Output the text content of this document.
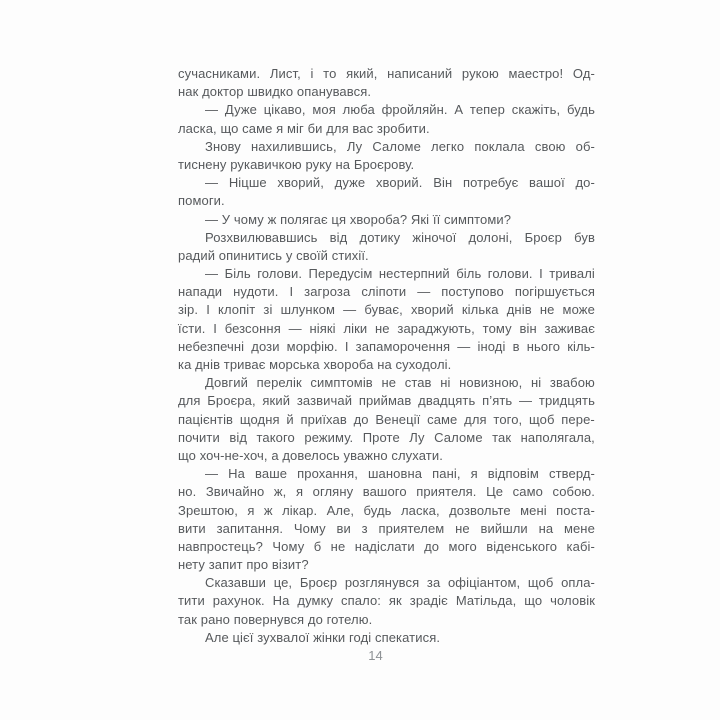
сучасниками. Лист, і то який, написаний рукою маестро! Од-
нак доктор швидко опанувався.
— Дуже цікаво, моя люба фройляйн. А тепер скажіть, будь
ласка, що саме я міг би для вас зробити.
Знову нахилившись, Лу Саломе легко поклала свою об-
тиснену рукавичкою руку на Броєрову.
— Ніцше хворий, дуже хворий. Він потребує вашої до-
помоги.
— У чому ж полягає ця хвороба? Які її симптоми?
Розхвилювавшись від дотику жіночої долоні, Броєр був
радий опинитись у своїй стихії.
— Біль голови. Передусім нестерпний біль голови. І тривалі
напади нудоти. І загроза сліпоти — поступово погіршується
зір. І клопіт зі шлунком — буває, хворий кілька днів не може
їсти. І безсоння — ніякі ліки не зараджують, тому він заживає
небезпечні дози морфію. І запаморочення — іноді в нього кіль-
ка днів триває морська хвороба на суходолі.
Довгий перелік симптомів не став ні новизною, ні звабою
для Броєра, який зазвичай приймав двадцять п’ять — тридцять
пацієнтів щодня й приїхав до Венеції саме для того, щоб пере-
почити від такого режиму. Проте Лу Саломе так наполягала,
що хоч-не-хоч, а довелось уважно слухати.
— На ваше прохання, шановна пані, я відповім стверд-
но. Звичайно ж, я огляну вашого приятеля. Це само собою.
Зрештою, я ж лікар. Але, будь ласка, дозвольте мені поста-
вити запитання. Чому ви з приятелем не вийшли на мене
навпростець? Чому б не надіслати до мого віденського кабі-
нету запит про візит?
Сказавши це, Броєр розглянувся за офіціантом, щоб опла-
тити рахунок. На думку спало: як зрадіє Матільда, що чоловік
так рано повернувся до готелю.
Але цієї зухвалої жінки годі спекатися.
14
